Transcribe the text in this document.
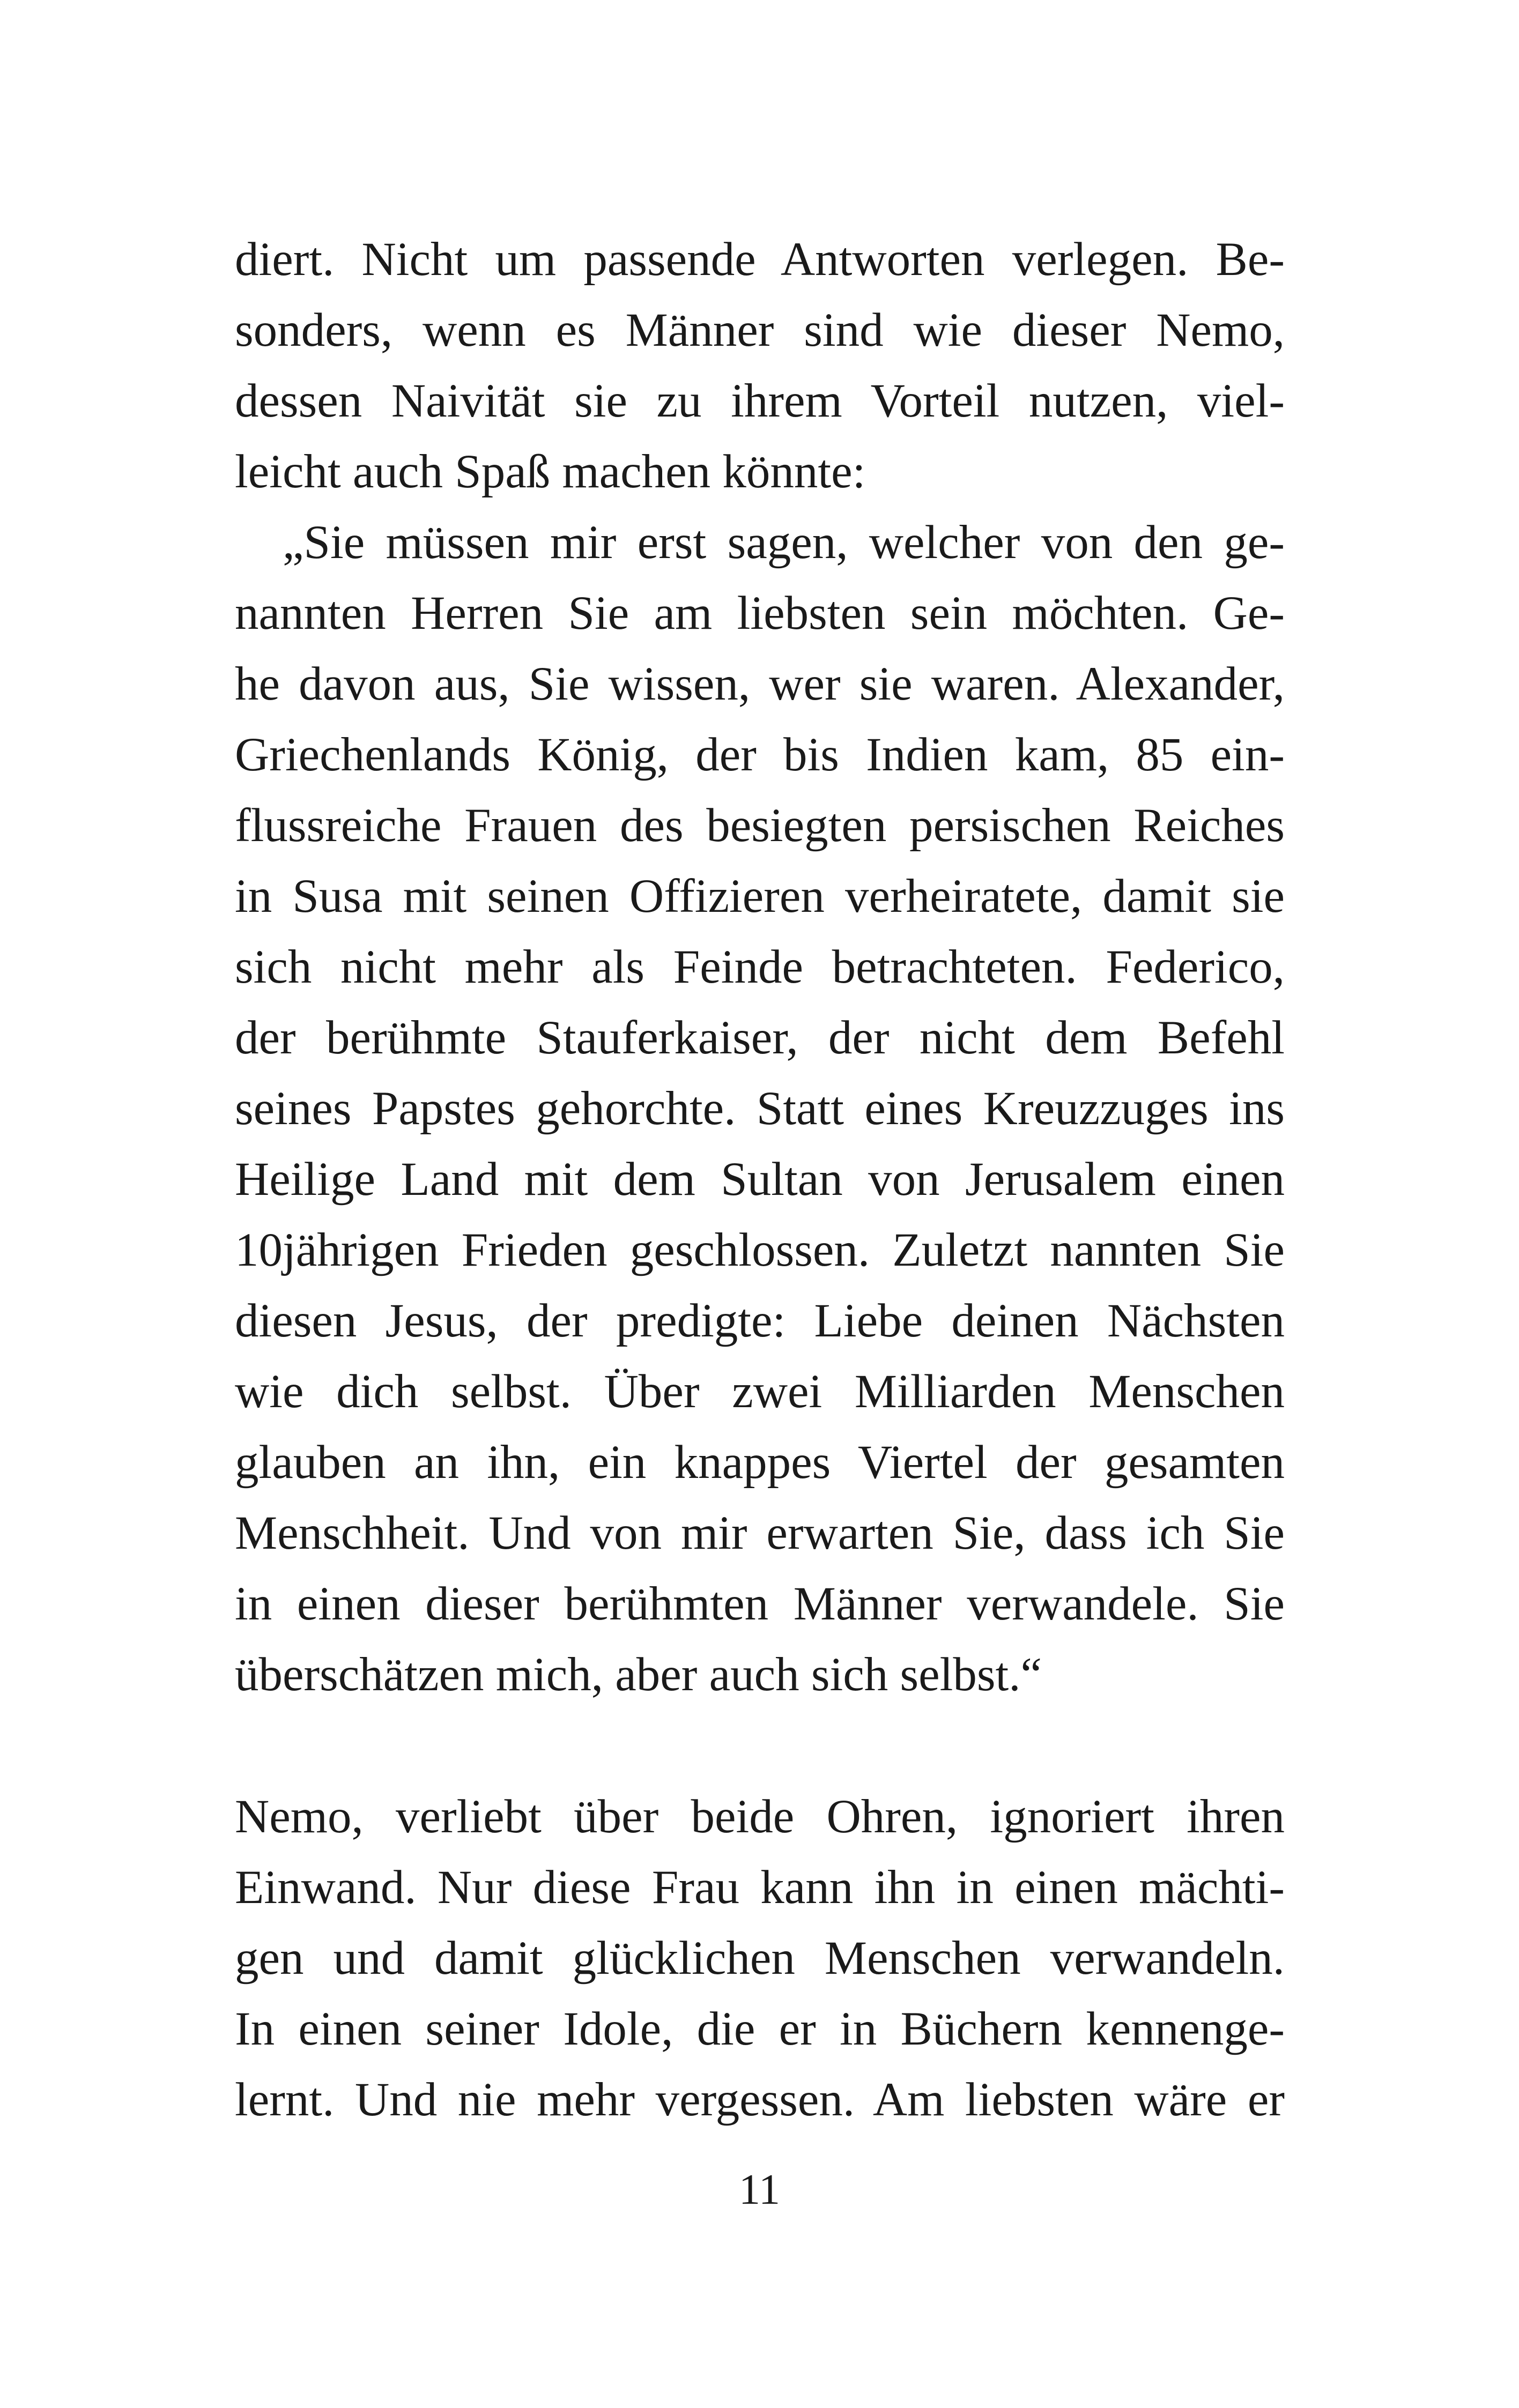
diert. Nicht um passende Antworten verlegen. Be-
sonders, wenn es Männer sind wie dieser Nemo,
dessen Naivität sie zu ihrem Vorteil nutzen, viel-
leicht auch Spaß machen könnte:
„Sie müssen mir erst sagen, welcher von den ge-
nannten Herren Sie am liebsten sein möchten. Ge-
he davon aus, Sie wissen, wer sie waren. Alexander,
Griechenlands König, der bis Indien kam, 85 ein-
flussreiche Frauen des besiegten persischen Reiches
in Susa mit seinen Offizieren verheiratete, damit sie
sich nicht mehr als Feinde betrachteten. Federico,
der berühmte Stauferkaiser, der nicht dem Befehl
seines Papstes gehorchte. Statt eines Kreuzzuges ins
Heilige Land mit dem Sultan von Jerusalem einen
10jährigen Frieden geschlossen. Zuletzt nannten Sie
diesen Jesus, der predigte: Liebe deinen Nächsten
wie dich selbst. Über zwei Milliarden Menschen
glauben an ihn, ein knappes Viertel der gesamten
Menschheit. Und von mir erwarten Sie, dass ich Sie
in einen dieser berühmten Männer verwandele. Sie
überschätzen mich, aber auch sich selbst.“
Nemo, verliebt über beide Ohren, ignoriert ihren
Einwand. Nur diese Frau kann ihn in einen mächti-
gen und damit glücklichen Menschen verwandeln.
In einen seiner Idole, die er in Büchern kennenge-
lernt. Und nie mehr vergessen. Am liebsten wäre er
11
